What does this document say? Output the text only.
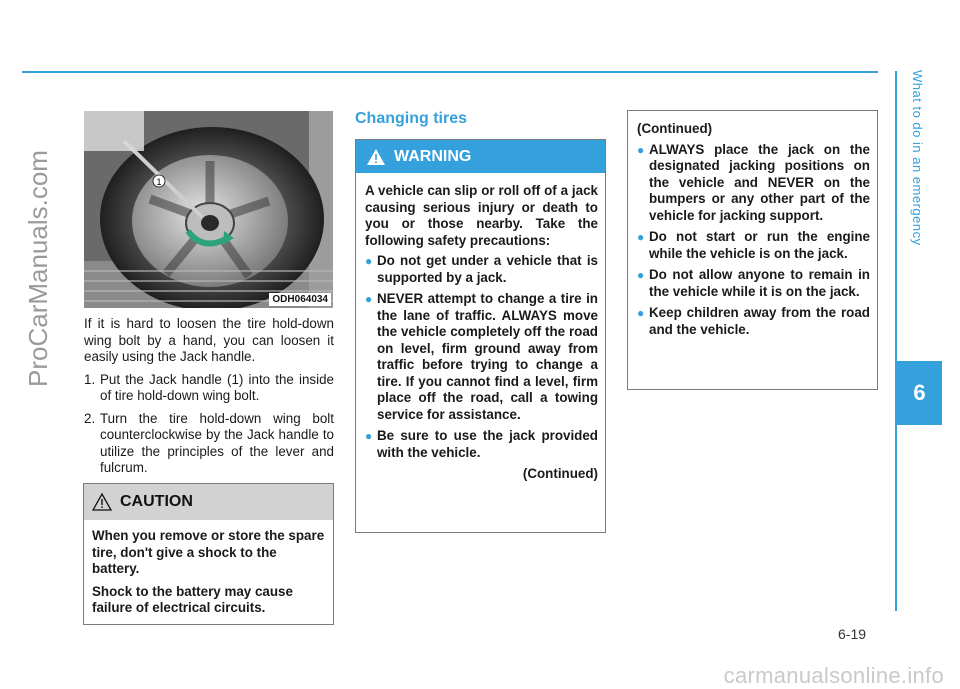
What to do in an emergency
6
ProCarManuals.com	1
ODH064034

If it is hard to loosen the tire hold-down wing bolt by a hand, you can loosen it easily using the Jack handle.

1. Put the Jack handle (1) into the inside of tire hold-down wing bolt.
2. Turn the tire hold-down wing bolt counterclockwise by the Jack handle to utilize the principles of the lever and fulcrum.
CAUTION

When you remove or store the spare tire, don't give a shock to the battery.

Shock to the battery may cause failure of electrical circuits.

Changing tires
WARNING

A vehicle can slip or roll off of a jack causing serious injury or death to you or those nearby. Take the following safety precautions:

● Do not get under a vehicle that is supported by a jack.
● NEVER attempt to change a tire in the lane of traffic. ALWAYS move the vehicle completely off the road on level, firm ground away from traffic before trying to change a tire. If you cannot find a level, firm place off the road, call a towing service for assistance.
● Be sure to use the jack provided with the vehicle.
(Continued)
(Continued)
● ALWAYS place the jack on the designated jacking positions on the vehicle and NEVER on the bumpers or any other part of the vehicle for jacking support.
● Do not start or run the engine while the vehicle is on the jack.
● Do not allow anyone to remain in the vehicle while it is on the jack.
● Keep children away from the road and the vehicle.
6-19
carmanualsonline.info
